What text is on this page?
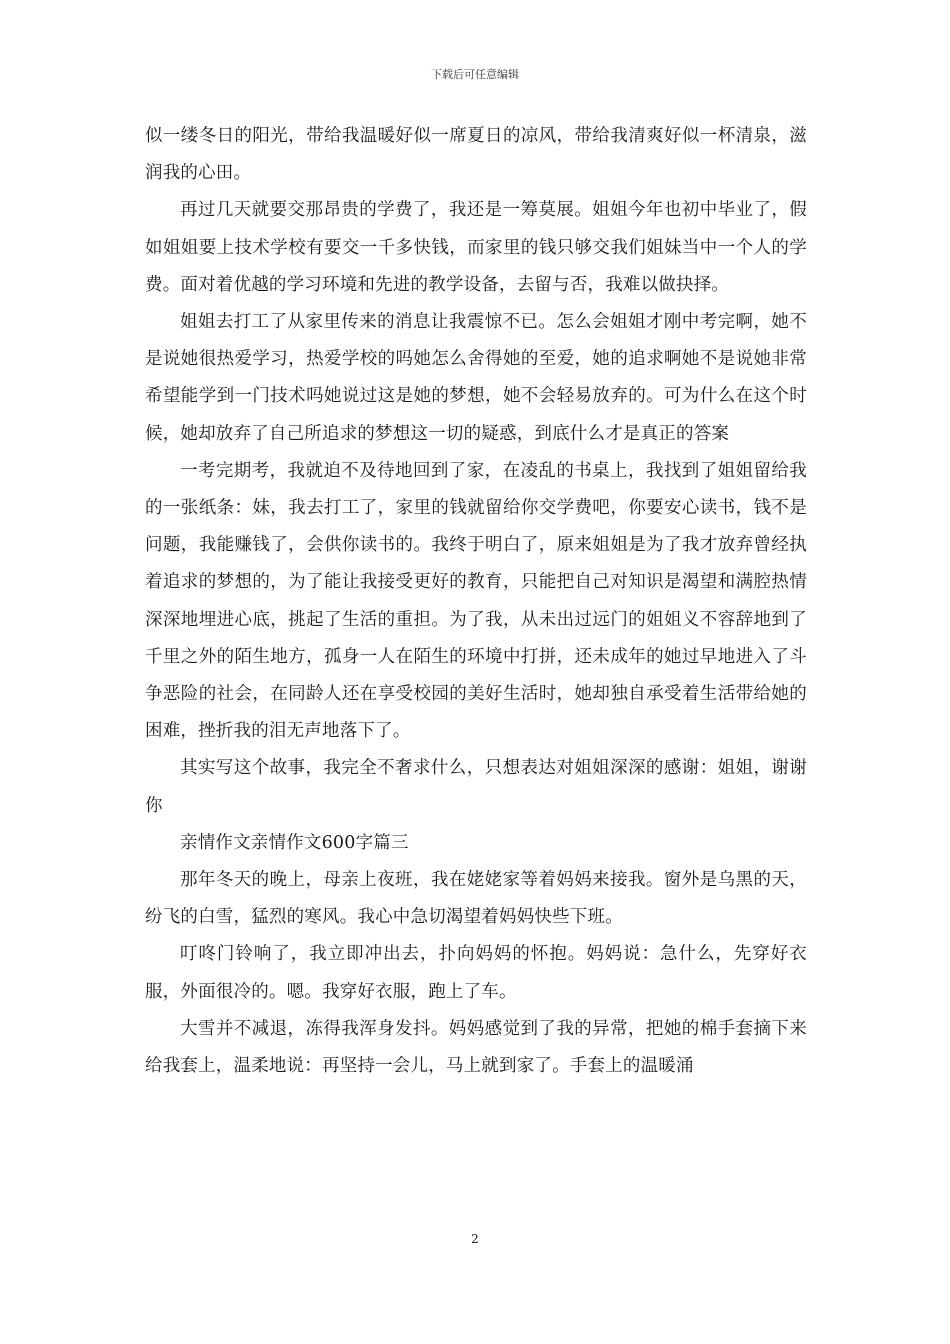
下载后可任意编辑

似一缕冬日的阳光，带给我温暖好似一席夏日的凉风，带给我清爽好似一杯清泉，滋润我的心田。

再过几天就要交那昂贵的学费了，我还是一筹莫展。姐姐今年也初中毕业了，假如姐姐要上技术学校有要交一千多快钱，而家里的钱只够交我们姐妹当中一个人的学费。面对着优越的学习环境和先进的教学设备，去留与否，我难以做抉择。

姐姐去打工了从家里传来的消息让我震惊不已。怎么会姐姐才刚中考完啊，她不是说她很热爱学习，热爱学校的吗她怎么舍得她的至爱，她的追求啊她不是说她非常希望能学到一门技术吗她说过这是她的梦想，她不会轻易放弃的。可为什么在这个时候，她却放弃了自己所追求的梦想这一切的疑惑，到底什么才是真正的答案

一考完期考，我就迫不及待地回到了家，在凌乱的书桌上，我找到了姐姐留给我的一张纸条：妹，我去打工了，家里的钱就留给你交学费吧，你要安心读书，钱不是问题，我能赚钱了，会供你读书的。我终于明白了，原来姐姐是为了我才放弃曾经执着追求的梦想的，为了能让我接受更好的教育，只能把自己对知识是渴望和满腔热情深深地埋进心底，挑起了生活的重担。为了我，从未出过远门的姐姐义不容辞地到了千里之外的陌生地方，孤身一人在陌生的环境中打拼，还未成年的她过早地进入了斗争恶险的社会，在同龄人还在享受校园的美好生活时，她却独自承受着生活带给她的困难，挫折我的泪无声地落下了。

其实写这个故事，我完全不奢求什么，只想表达对姐姐深深的感谢：姐姐，谢谢你

亲情作文亲情作文600字篇三

那年冬天的晚上，母亲上夜班，我在姥姥家等着妈妈来接我。窗外是乌黑的天，纷飞的白雪，猛烈的寒风。我心中急切渴望着妈妈快些下班。

叮咚门铃响了，我立即冲出去，扑向妈妈的怀抱。妈妈说：急什么，先穿好衣服，外面很冷的。嗯。我穿好衣服，跑上了车。

大雪并不减退，冻得我浑身发抖。妈妈感觉到了我的异常，把她的棉手套摘下来给我套上，温柔地说：再坚持一会儿，马上就到家了。手套上的温暖涌

2
